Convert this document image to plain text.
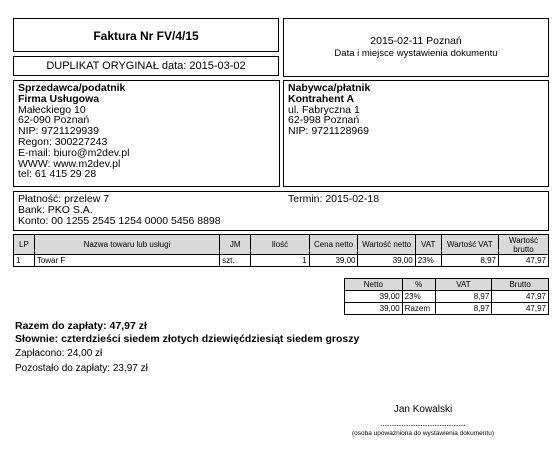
Faktura Nr FV/4/15
DUPLIKAT ORYGINAŁ data: 2015-03-02
2015-02-11 Poznań
Data i miejsce wystawienia dokumentu
Sprzedawca/podatnik
Firma Usługowa
Małeckiego 10
62-090 Poznań
NIP: 9721129939
Regon: 300227243
E-mail: biuro@m2dev.pl
WWW: www.m2dev.pl
tel: 61 415 29 28
Nabywca/płatnik
Kontrahent A
ul. Fabryczna 1
62-998 Poznań
NIP: 9721128969
Płatność: przelew 7	Termin: 2015-02-18
Bank: PKO S.A.
Konto: 00 1255 2545 1254 0000 5456 8898
LP	Nazwa towaru lub usługi	JM	Ilość	Cena netto	Wartość netto	VAT	Wartość VAT	Wartość brutto
1	Towar F	szt.	1	39,00	39,00	23%	8,97	47,97
Netto	%	VAT	Brutto
39,00	23%	8,97	47,97
39,00	Razem	8,97	47,97
Razem do zapłaty: 47,97 zł
Słownie: czterdzieści siedem złotych dziewięćdziesiąt siedem groszy
Zapłacono: 24,00 zł
Pozostało do zapłaty: 23,97 zł
Jan Kowalski
.................................................
(osoba upoważniona do wystawienia dokumentu)
